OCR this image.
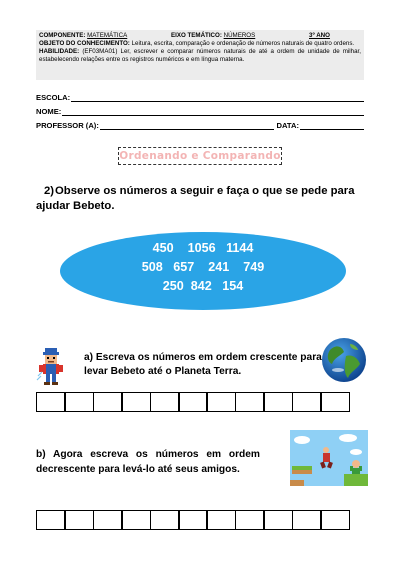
COMPONENTE: MATEMÁTICA	EIXO TEMÁTICO: NÚMEROS	3º ANO

OBJETO DO CONHECIMENTO: Leitura, escrita, comparação e ordenação de números naturais de quatro ordens.

HABILIDADE: (EF03MA01) Ler, escrever e comparar números naturais de até a ordem de unidade de milhar, estabelecendo relações entre os registros numéricos e em língua materna.

ESCOLA:
NOME:
PROFESSOR (A):	DATA:
Ordenando e Comparando
2)Observe os números a seguir e faça o que se pede para ajudar Bebeto.
450    1056   1144
508   657    241    749
250  842   154
a) Escreva os números em ordem crescente para levar Bebeto até o Planeta Terra.
b) Agora escreva os números em ordem decrescente para levá-lo até seus amigos.
